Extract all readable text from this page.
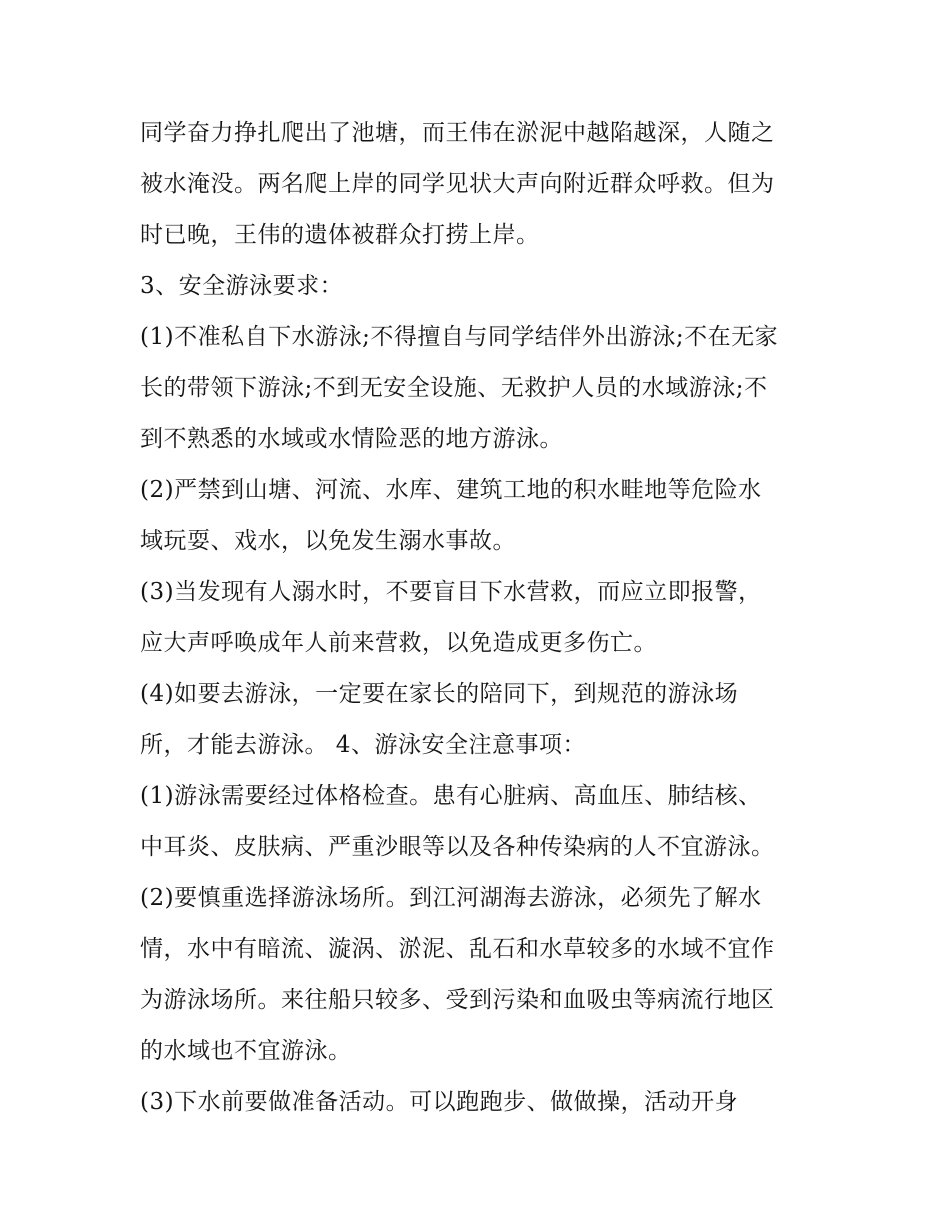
同学奋力挣扎爬出了池塘，而王伟在淤泥中越陷越深，人随之
被水淹没。两名爬上岸的同学见状大声向附近群众呼救。但为
时已晚，王伟的遗体被群众打捞上岸。
3、安全游泳要求：
(1)不准私自下水游泳;不得擅自与同学结伴外出游泳;不在无家
长的带领下游泳;不到无安全设施、无救护人员的水域游泳;不
到不熟悉的水域或水情险恶的地方游泳。
(2)严禁到山塘、河流、水库、建筑工地的积水畦地等危险水
域玩耍、戏水，以免发生溺水事故。
(3)当发现有人溺水时，不要盲目下水营救，而应立即报警，
应大声呼唤成年人前来营救，以免造成更多伤亡。
(4)如要去游泳，一定要在家长的陪同下，到规范的游泳场
所，才能去游泳。 4、游泳安全注意事项：
(1)游泳需要经过体格检查。患有心脏病、高血压、肺结核、
中耳炎、皮肤病、严重沙眼等以及各种传染病的人不宜游泳。
(2)要慎重选择游泳场所。到江河湖海去游泳，必须先了解水
情，水中有暗流、漩涡、淤泥、乱石和水草较多的水域不宜作
为游泳场所。来往船只较多、受到污染和血吸虫等病流行地区
的水域也不宜游泳。
(3)下水前要做准备活动。可以跑跑步、做做操，活动开身
